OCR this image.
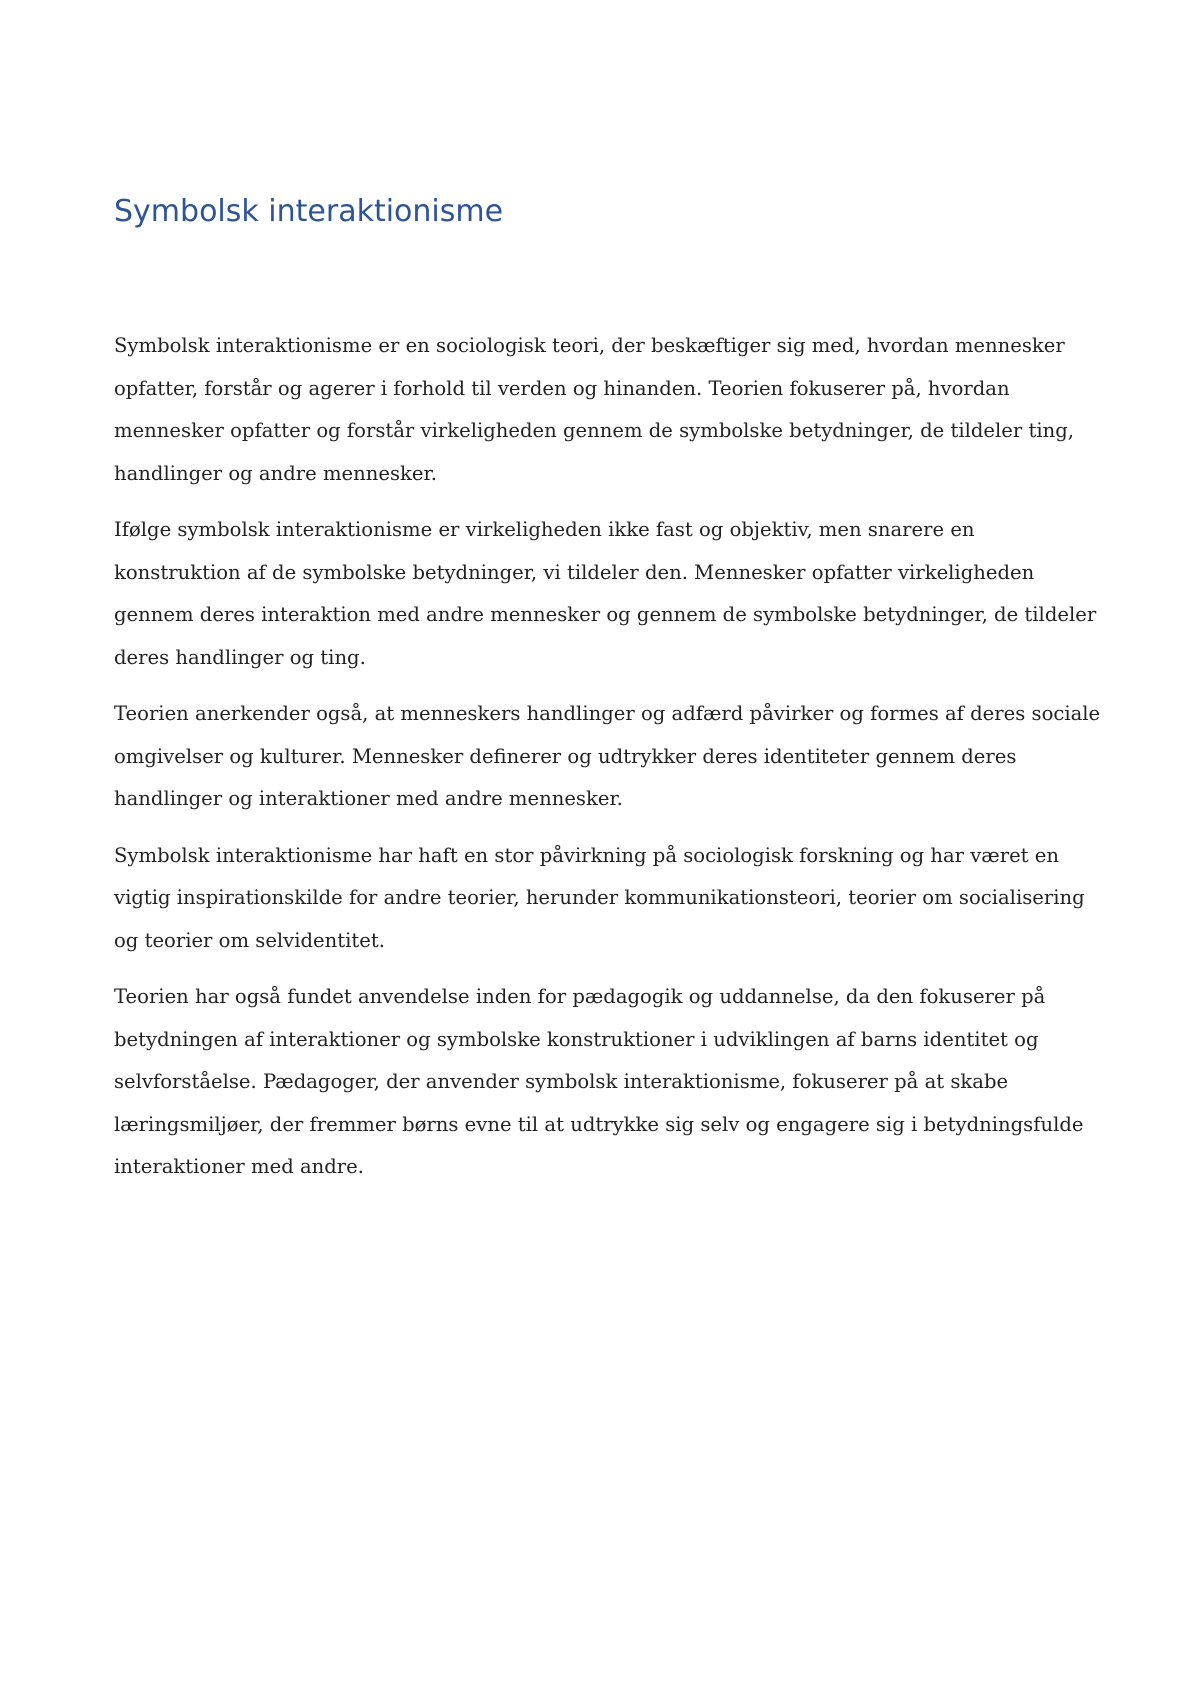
Symbolsk interaktionisme

Symbolsk interaktionisme er en sociologisk teori, der beskæftiger sig med, hvordan mennesker opfatter, forstår og agerer i forhold til verden og hinanden. Teorien fokuserer på, hvordan mennesker opfatter og forstår virkeligheden gennem de symbolske betydninger, de tildeler ting, handlinger og andre mennesker.

Ifølge symbolsk interaktionisme er virkeligheden ikke fast og objektiv, men snarere en konstruktion af de symbolske betydninger, vi tildeler den. Mennesker opfatter virkeligheden gennem deres interaktion med andre mennesker og gennem de symbolske betydninger, de tildeler deres handlinger og ting.

Teorien anerkender også, at menneskers handlinger og adfærd påvirker og formes af deres sociale omgivelser og kulturer. Mennesker definerer og udtrykker deres identiteter gennem deres handlinger og interaktioner med andre mennesker.

Symbolsk interaktionisme har haft en stor påvirkning på sociologisk forskning og har været en vigtig inspirationskilde for andre teorier, herunder kommunikationsteori, teorier om socialisering og teorier om selvidentitet.

Teorien har også fundet anvendelse inden for pædagogik og uddannelse, da den fokuserer på betydningen af interaktioner og symbolske konstruktioner i udviklingen af barns identitet og selvforståelse. Pædagoger, der anvender symbolsk interaktionisme, fokuserer på at skabe læringsmiljøer, der fremmer børns evne til at udtrykke sig selv og engagere sig i betydningsfulde interaktioner med andre.
